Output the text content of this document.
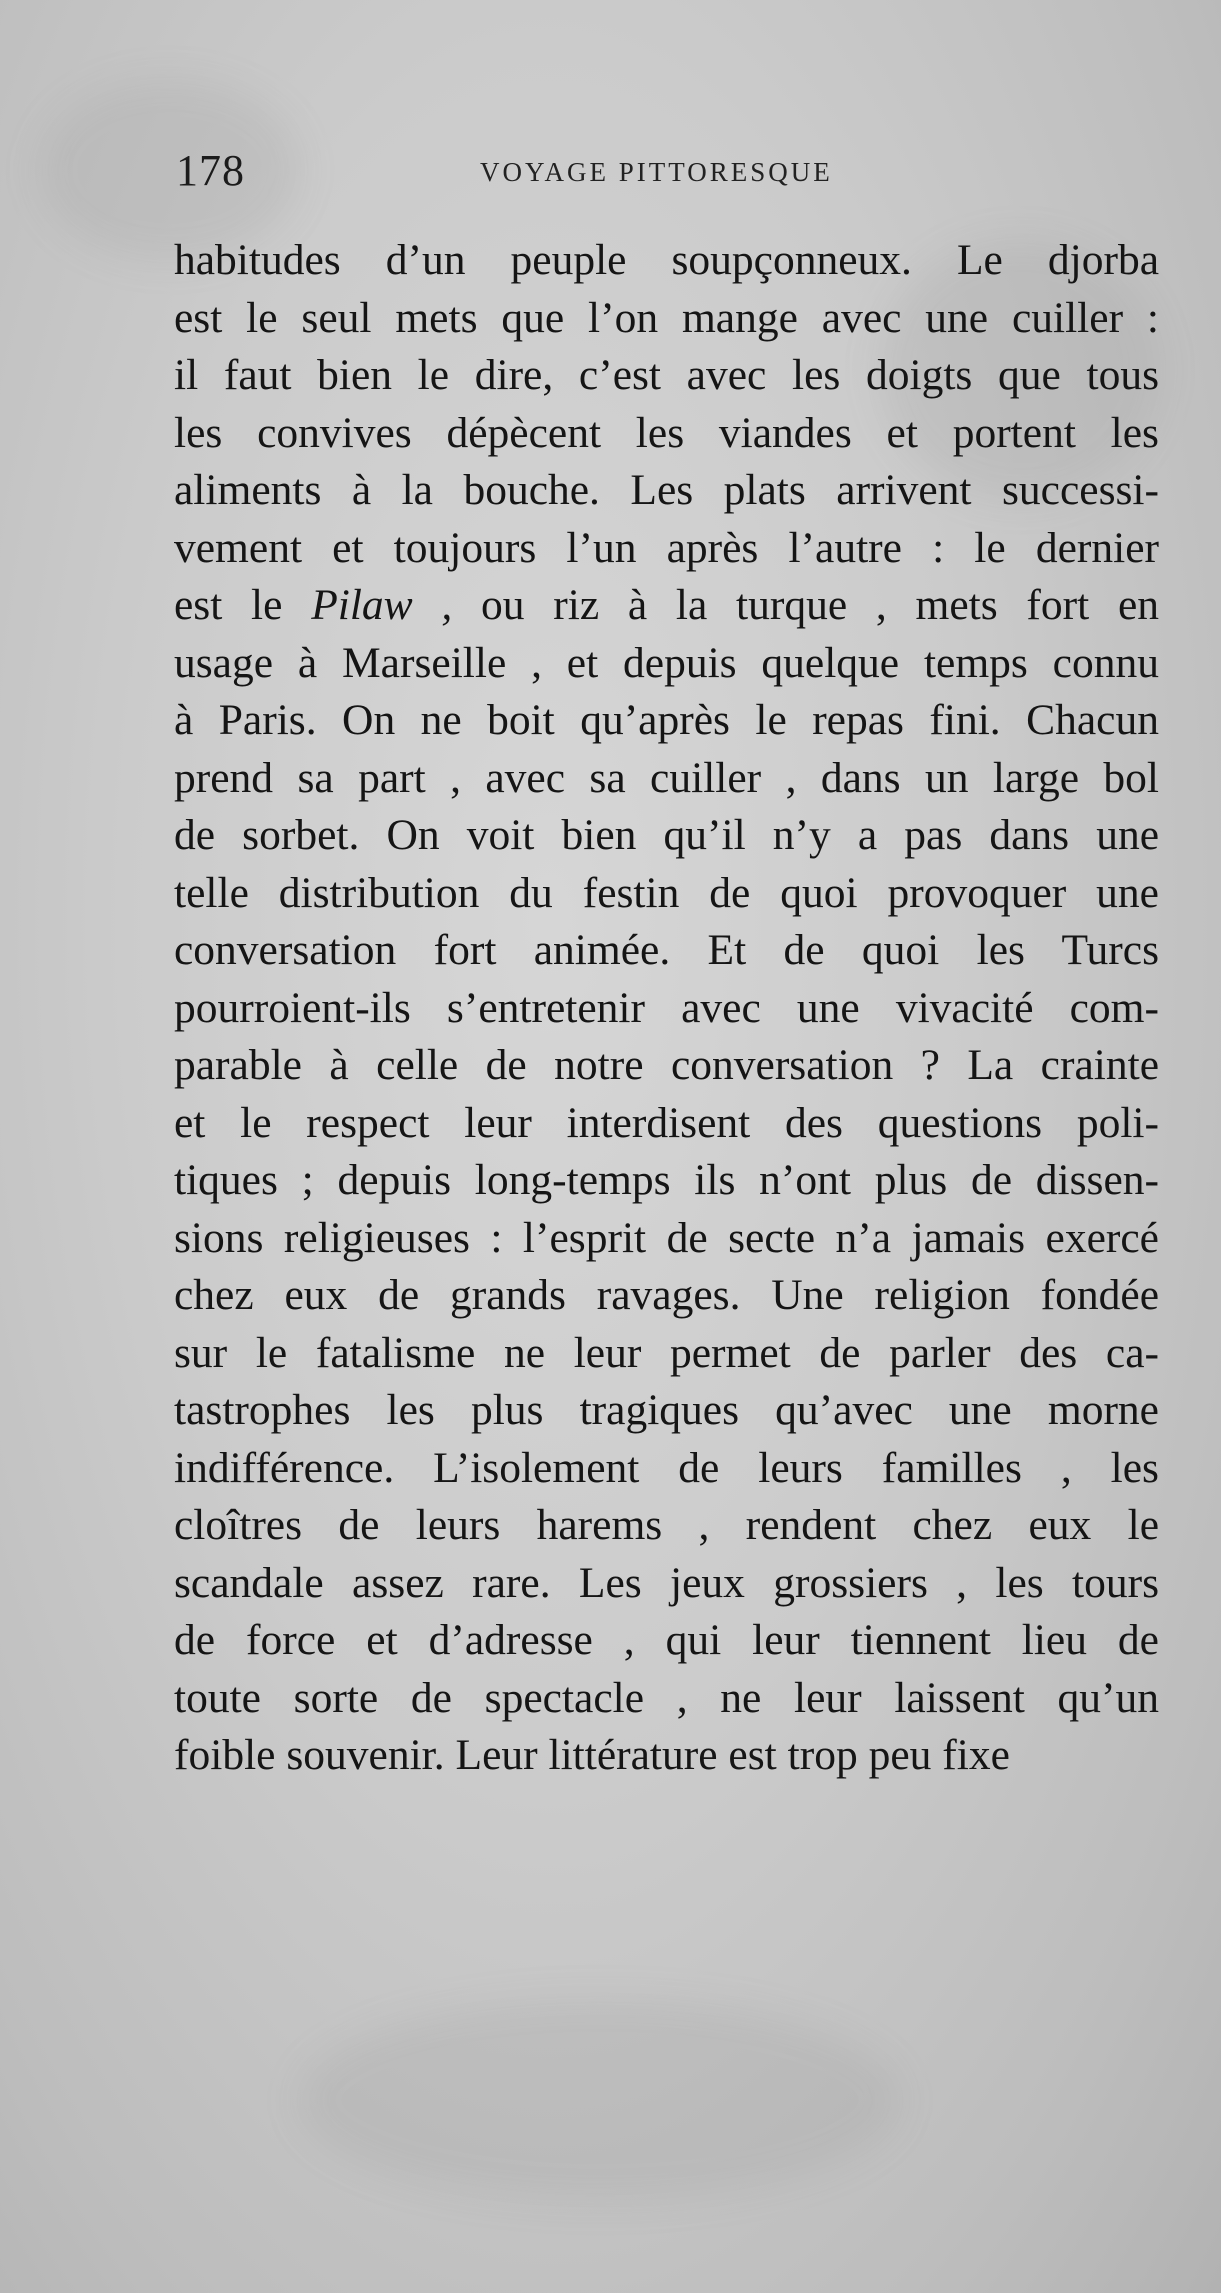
178	VOYAGE PITTORESQUE
habitudes d’un peuple soupçonneux. Le djorba
est le seul mets que l’on mange avec une cuiller :
il faut bien le dire, c’est avec les doigts que tous
les convives dépècent les viandes et portent les
aliments à la bouche. Les plats arrivent successi-
vement et toujours l’un après l’autre : le dernier
est le Pilaw , ou riz à la turque , mets fort en
usage à Marseille , et depuis quelque temps connu
à Paris. On ne boit qu’après le repas fini. Chacun
prend sa part , avec sa cuiller , dans un large bol
de sorbet. On voit bien qu’il n’y a pas dans une
telle distribution du festin de quoi provoquer une
conversation fort animée. Et de quoi les Turcs
pourroient-ils s’entretenir avec une vivacité com-
parable à celle de notre conversation ? La crainte
et le respect leur interdisent des questions poli-
tiques ; depuis long-temps ils n’ont plus de dissen-
sions religieuses : l’esprit de secte n’a jamais exercé
chez eux de grands ravages. Une religion fondée
sur le fatalisme ne leur permet de parler des ca-
tastrophes les plus tragiques qu’avec une morne
indifférence. L’isolement de leurs familles , les
cloîtres de leurs harems , rendent chez eux le
scandale assez rare. Les jeux grossiers , les tours
de force et d’adresse , qui leur tiennent lieu de
toute sorte de spectacle , ne leur laissent qu’un
foible souvenir. Leur littérature est trop peu fixe
